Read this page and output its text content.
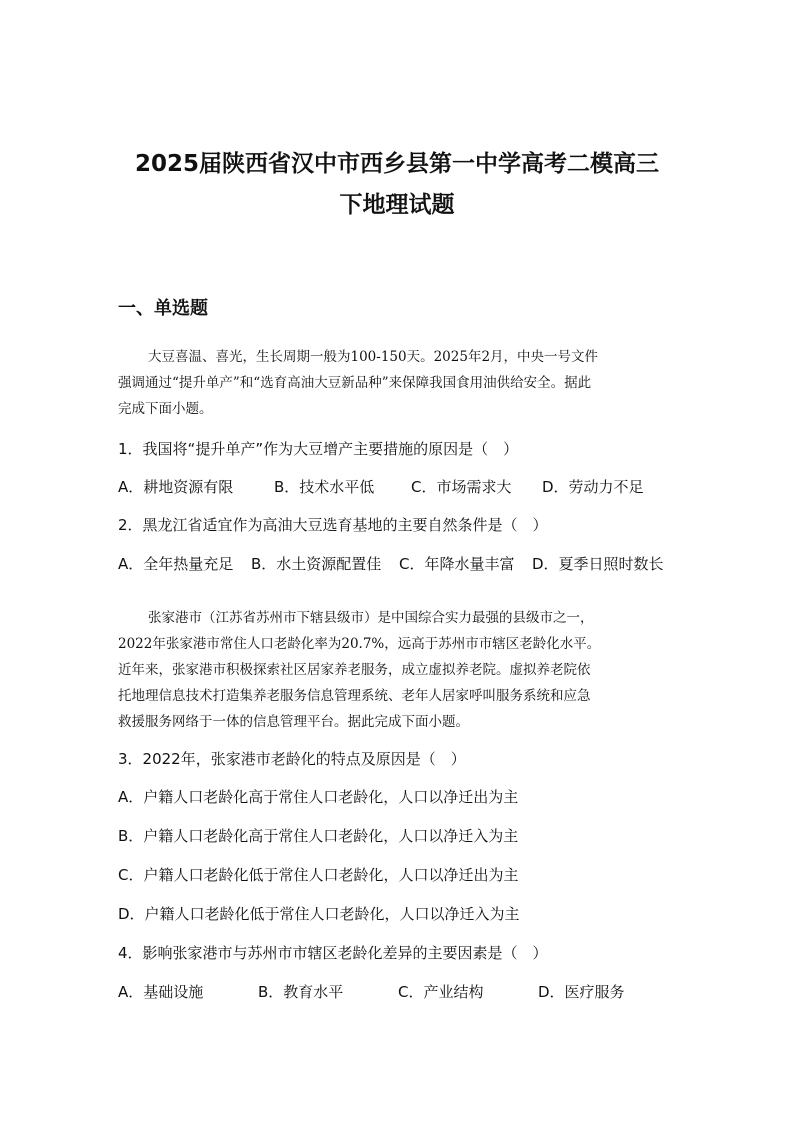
2025届陕西省汉中市西乡县第一中学高考二模高三
下地理试题
一、单选题
大豆喜温、喜光，生长周期一般为100-150天。2025年2月，中央一号文件
强调通过“提升单产”和“选育高油大豆新品种”来保障我国食用油供给安全。据此
完成下面小题。
1．我国将“提升单产”作为大豆增产主要措施的原因是（　）
A．耕地资源有限	B．技术水平低 C．市场需求大 D．劳动力不足
2．黑龙江省适宜作为高油大豆选育基地的主要自然条件是（　）
A．全年热量充足 B．水土资源配置佳 C．年降水量丰富 D．夏季日照时数长
张家港市（江苏省苏州市下辖县级市）是中国综合实力最强的县级市之一，
2022年张家港市常住人口老龄化率为20.7%，远高于苏州市市辖区老龄化水平。
近年来，张家港市积极探索社区居家养老服务，成立虚拟养老院。虚拟养老院依
托地理信息技术打造集养老服务信息管理系统、老年人居家呼叫服务系统和应急
救援服务网络于一体的信息管理平台。据此完成下面小题。
3．2022年，张家港市老龄化的特点及原因是（　）
A．户籍人口老龄化高于常住人口老龄化，人口以净迁出为主
B．户籍人口老龄化高于常住人口老龄化，人口以净迁入为主
C．户籍人口老龄化低于常住人口老龄化，人口以净迁出为主
D．户籍人口老龄化低于常住人口老龄化，人口以净迁入为主
4．影响张家港市与苏州市市辖区老龄化差异的主要因素是（　）
A．基础设施	B．教育水平	C．产业结构	D．医疗服务
